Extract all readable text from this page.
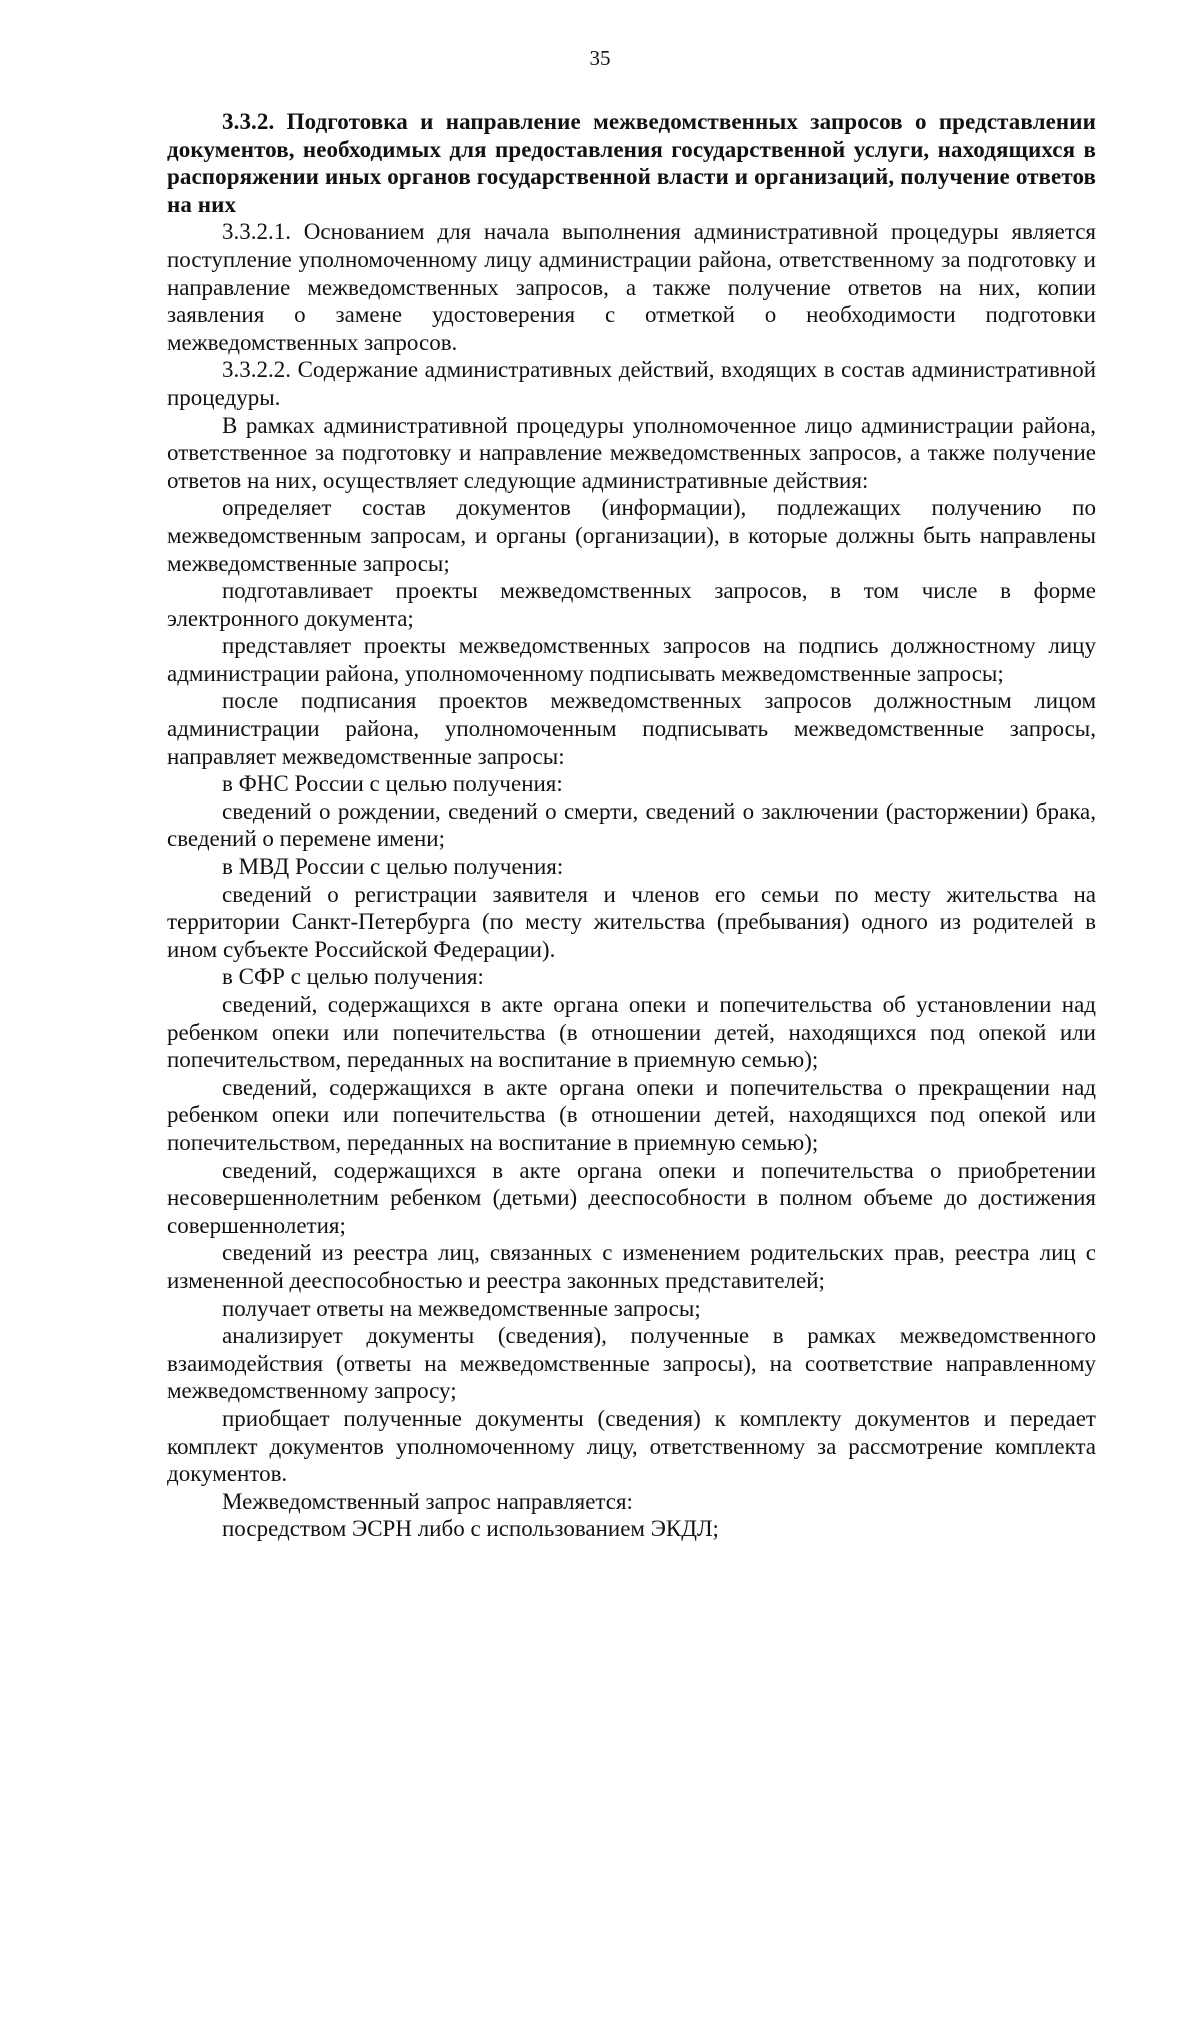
35

3.3.2. Подготовка и направление межведомственных запросов о представлении документов, необходимых для предоставления государственной услуги, находящихся в распоряжении иных органов государственной власти и организаций, получение ответов на них

3.3.2.1. Основанием для начала выполнения административной процедуры является поступление уполномоченному лицу администрации района, ответственному за подготовку и направление межведомственных запросов, а также получение ответов на них, копии заявления о замене удостоверения с отметкой о необходимости подготовки межведомственных запросов.

3.3.2.2. Содержание административных действий, входящих в состав административной процедуры.

В рамках административной процедуры уполномоченное лицо администрации района, ответственное за подготовку и направление межведомственных запросов, а также получение ответов на них, осуществляет следующие административные действия:

определяет состав документов (информации), подлежащих получению по межведомственным запросам, и органы (организации), в которые должны быть направлены межведомственные запросы;

подготавливает проекты межведомственных запросов, в том числе в форме электронного документа;

представляет проекты межведомственных запросов на подпись должностному лицу администрации района, уполномоченному подписывать межведомственные запросы;

после подписания проектов межведомственных запросов должностным лицом администрации района, уполномоченным подписывать межведомственные запросы, направляет межведомственные запросы:

в ФНС России с целью получения:

сведений о рождении, сведений о смерти, сведений о заключении (расторжении) брака, сведений о перемене имени;

в МВД России с целью получения:

сведений о регистрации заявителя и членов его семьи по месту жительства на территории Санкт-Петербурга (по месту жительства (пребывания) одного из родителей в ином субъекте Российской Федерации).

в СФР с целью получения:

сведений, содержащихся в акте органа опеки и попечительства об установлении над ребенком опеки или попечительства (в отношении детей, находящихся под опекой или попечительством, переданных на воспитание в приемную семью);

сведений, содержащихся в акте органа опеки и попечительства о прекращении над ребенком опеки или попечительства (в отношении детей, находящихся под опекой или попечительством, переданных на воспитание в приемную семью);

сведений, содержащихся в акте органа опеки и попечительства о приобретении несовершеннолетним ребенком (детьми) дееспособности в полном объеме до достижения совершеннолетия;

сведений из реестра лиц, связанных с изменением родительских прав, реестра лиц с измененной дееспособностью и реестра законных представителей;

получает ответы на межведомственные запросы;

анализирует документы (сведения), полученные в рамках межведомственного взаимодействия (ответы на межведомственные запросы), на соответствие направленному межведомственному запросу;

приобщает полученные документы (сведения) к комплекту документов и передает комплект документов уполномоченному лицу, ответственному за рассмотрение комплекта документов.

Межведомственный запрос направляется:

посредством ЭСРН либо с использованием ЭКДЛ;
